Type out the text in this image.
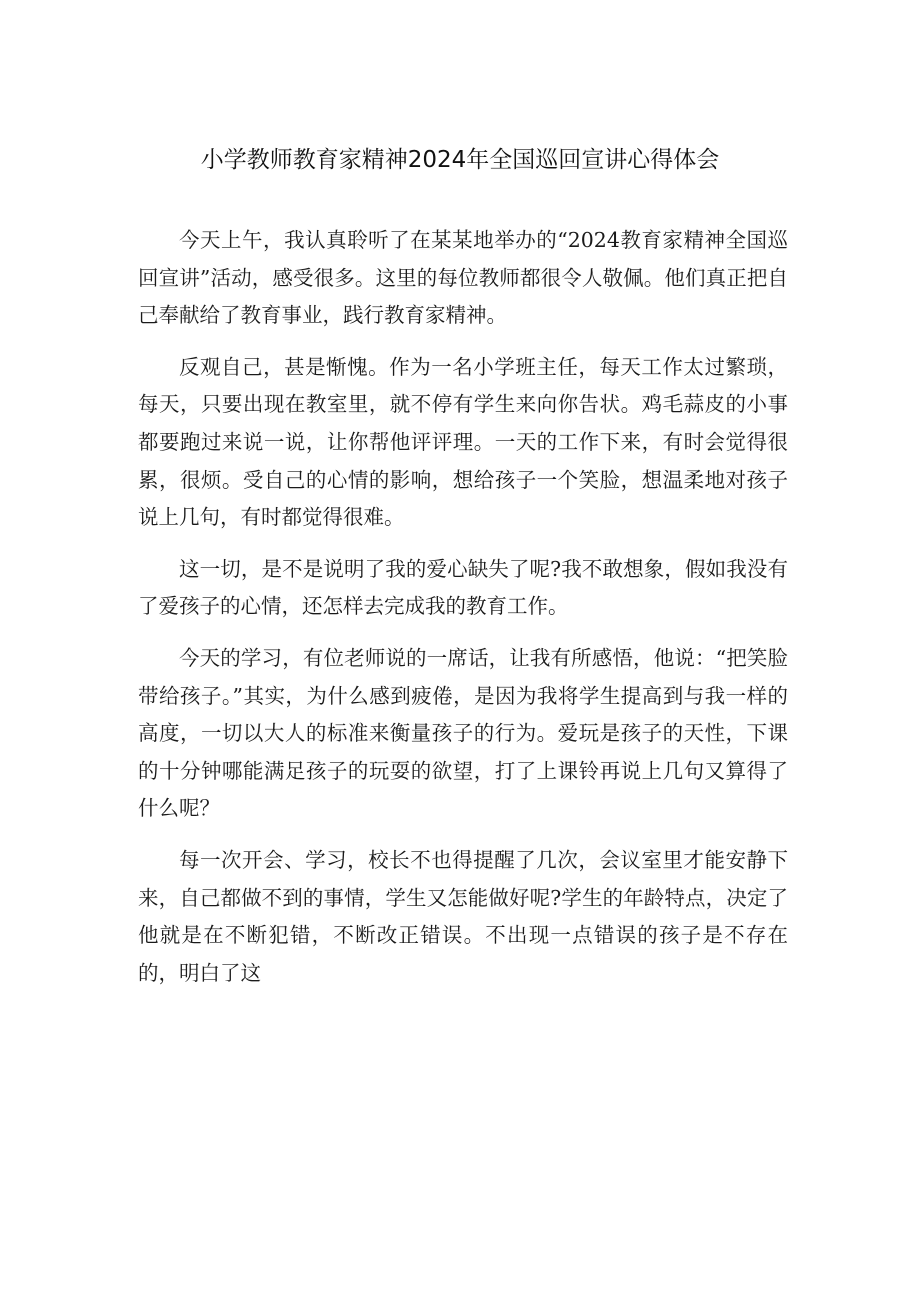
小学教师教育家精神2024年全国巡回宣讲心得体会

今天上午，我认真聆听了在某某地举办的“2024教育家精神全国巡回宣讲”活动，感受很多。这里的每位教师都很令人敬佩。他们真正把自己奉献给了教育事业，践行教育家精神。

反观自己，甚是惭愧。作为一名小学班主任，每天工作太过繁琐，每天，只要出现在教室里，就不停有学生来向你告状。鸡毛蒜皮的小事都要跑过来说一说，让你帮他评评理。一天的工作下来，有时会觉得很累，很烦。受自己的心情的影响，想给孩子一个笑脸，想温柔地对孩子说上几句，有时都觉得很难。

这一切，是不是说明了我的爱心缺失了呢?我不敢想象，假如我没有了爱孩子的心情，还怎样去完成我的教育工作。

今天的学习，有位老师说的一席话，让我有所感悟，他说：“把笑脸带给孩子。”其实，为什么感到疲倦，是因为我将学生提高到与我一样的高度，一切以大人的标准来衡量孩子的行为。爱玩是孩子的天性，下课的十分钟哪能满足孩子的玩耍的欲望，打了上课铃再说上几句又算得了什么呢？

每一次开会、学习，校长不也得提醒了几次，会议室里才能安静下来，自己都做不到的事情，学生又怎能做好呢?学生的年龄特点，决定了他就是在不断犯错，不断改正错误。不出现一点错误的孩子是不存在的，明白了这
